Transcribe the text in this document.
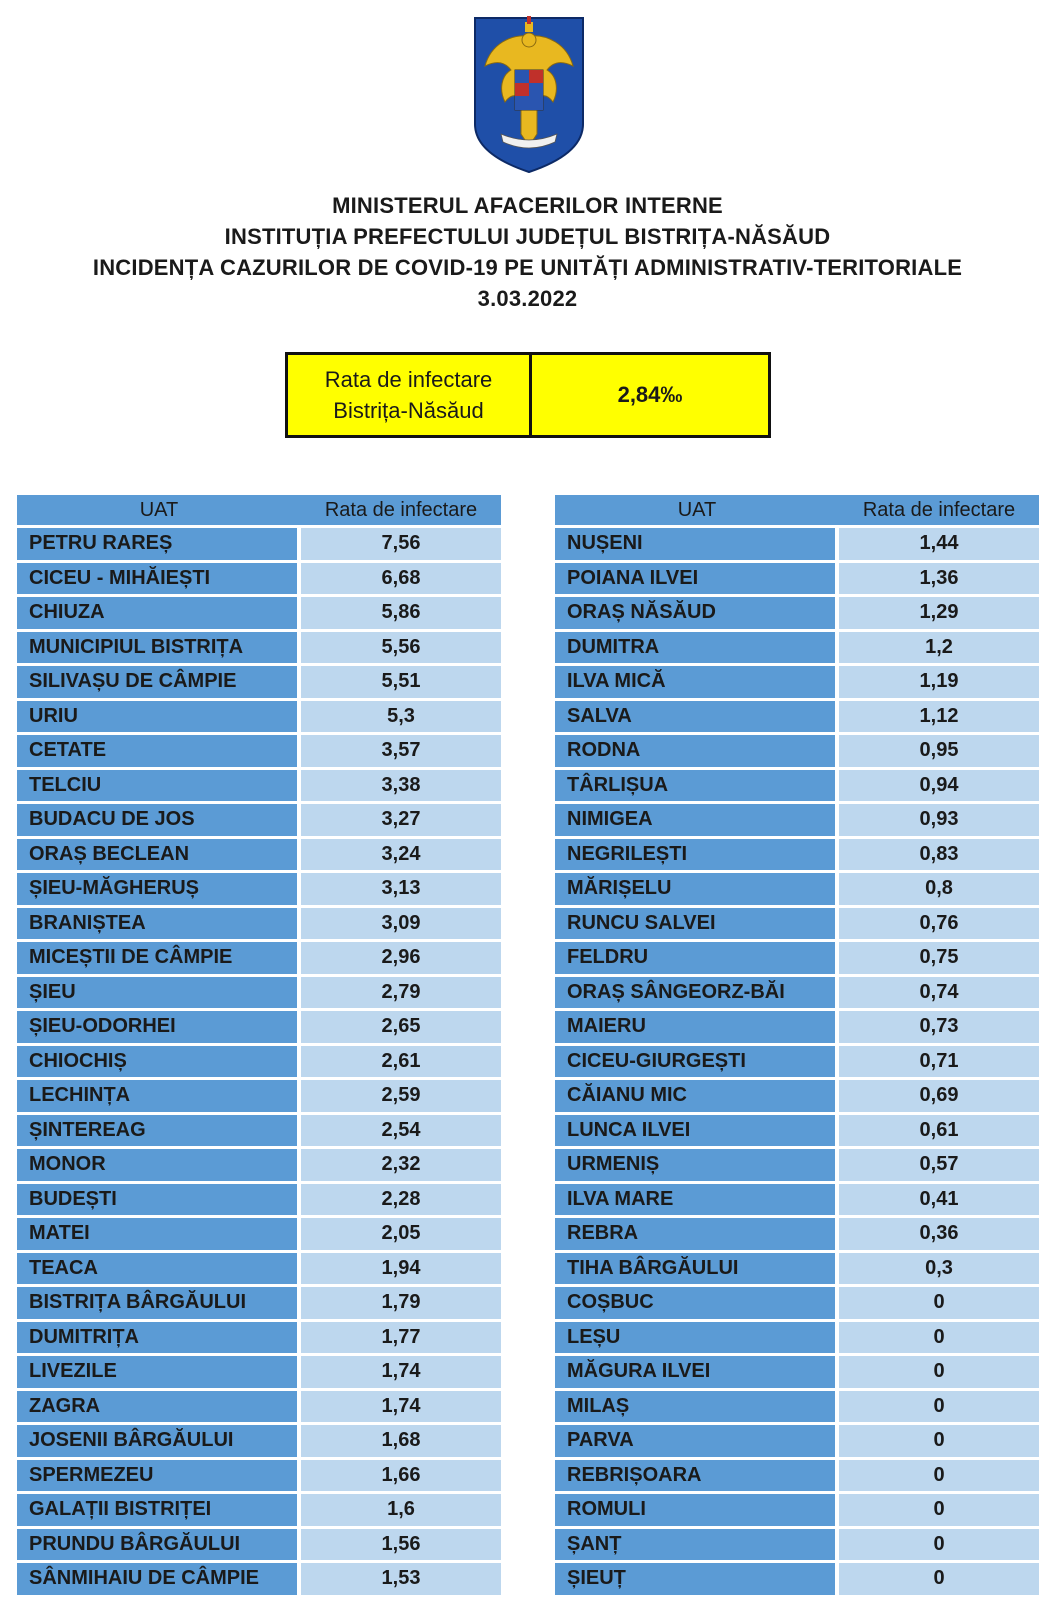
MINISTERUL AFACERILOR INTERNE
INSTITUȚIA PREFECTULUI JUDEȚUL BISTRIȚA-NĂSĂUD
INCIDENȚA CAZURILOR DE COVID-19 PE UNITĂȚI ADMINISTRATIV-TERITORIALE
3.03.2022
Rata de infectare
Bistrița-Năsăud
2,84‰
UAT	Rata de infectare
PETRU RAREȘ	7,56
CICEU - MIHĂIEȘTI	6,68
CHIUZA	5,86
MUNICIPIUL BISTRIȚA	5,56
SILIVAȘU DE CÂMPIE	5,51
URIU	5,3
CETATE	3,57
TELCIU	3,38
BUDACU DE JOS	3,27
ORAȘ BECLEAN	3,24
ȘIEU-MĂGHERUȘ	3,13
BRANIȘTEA	3,09
MICEȘTII DE CÂMPIE	2,96
ȘIEU	2,79
ȘIEU-ODORHEI	2,65
CHIOCHIȘ	2,61
LECHINȚA	2,59
ȘINTEREAG	2,54
MONOR	2,32
BUDEȘTI	2,28
MATEI	2,05
TEACA	1,94
BISTRIȚA BÂRGĂULUI	1,79
DUMITRIȚA	1,77
LIVEZILE	1,74
ZAGRA	1,74
JOSENII BÂRGĂULUI	1,68
SPERMEZEU	1,66
GALAȚII BISTRIȚEI	1,6
PRUNDU BÂRGĂULUI	1,56
SÂNMIHAIU DE CÂMPIE	1,53
UAT	Rata de infectare
NUȘENI	1,44
POIANA ILVEI	1,36
ORAȘ NĂSĂUD	1,29
DUMITRA	1,2
ILVA MICĂ	1,19
SALVA	1,12
RODNA	0,95
TÂRLIȘUA	0,94
NIMIGEA	0,93
NEGRILEȘTI	0,83
MĂRIȘELU	0,8
RUNCU SALVEI	0,76
FELDRU	0,75
ORAȘ SÂNGEORZ-BĂI	0,74
MAIERU	0,73
CICEU-GIURGEȘTI	0,71
CĂIANU MIC	0,69
LUNCA ILVEI	0,61
URMENIȘ	0,57
ILVA MARE	0,41
REBRA	0,36
TIHA BÂRGĂULUI	0,3
COȘBUC	0
LEȘU	0
MĂGURA ILVEI	0
MILAȘ	0
PARVA	0
REBRIȘOARA	0
ROMULI	0
ȘANȚ	0
ȘIEUȚ	0
